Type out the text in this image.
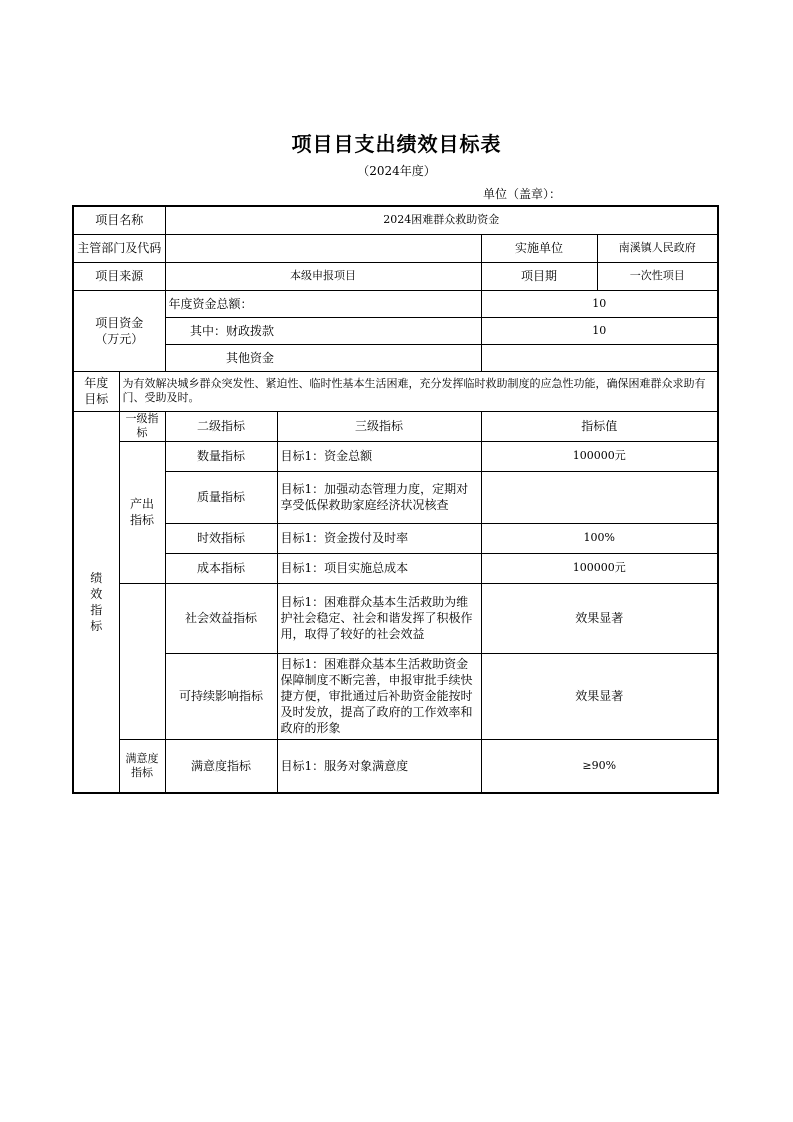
项目目支出绩效目标表
（2024年度）
单位（盖章）：
项目名称		2024困难群众救助资金			
主管部门及代码				实施单位	南溪镇人民政府
项目来源		本级申报项目		项目期	一次性项目
项目资金
（万元）		年度资金总额：		10	
		其中：财政拨款		10	
		其他资金			
年度目标	为有效解决城乡群众突发性、紧迫性、临时性基本生活困难，充分发挥临时救助制度的应急性功能，确保困难群众求助有门、受助及时。				
绩效指标	一级指标	二级指标	三级指标	指标值	
	产出指标	数量指标	目标1：资金总额	100000元	
		质量指标	目标1：加强动态管理力度，定期对享受低保救助家庭经济状况核查		
		时效指标	目标1：资金拨付及时率	100%	
		成本指标	目标1：项目实施总成本	100000元	
		社会效益指标	目标1：困难群众基本生活救助为维护社会稳定、社会和谐发挥了积极作用，取得了较好的社会效益	效果显著	
		可持续影响指标	目标1：困难群众基本生活救助资金保障制度不断完善，申报审批手续快捷方便，审批通过后补助资金能按时及时发放，提高了政府的工作效率和政府的形象	效果显著	
	满意度指标	满意度指标	目标1：服务对象满意度	≥90%	
